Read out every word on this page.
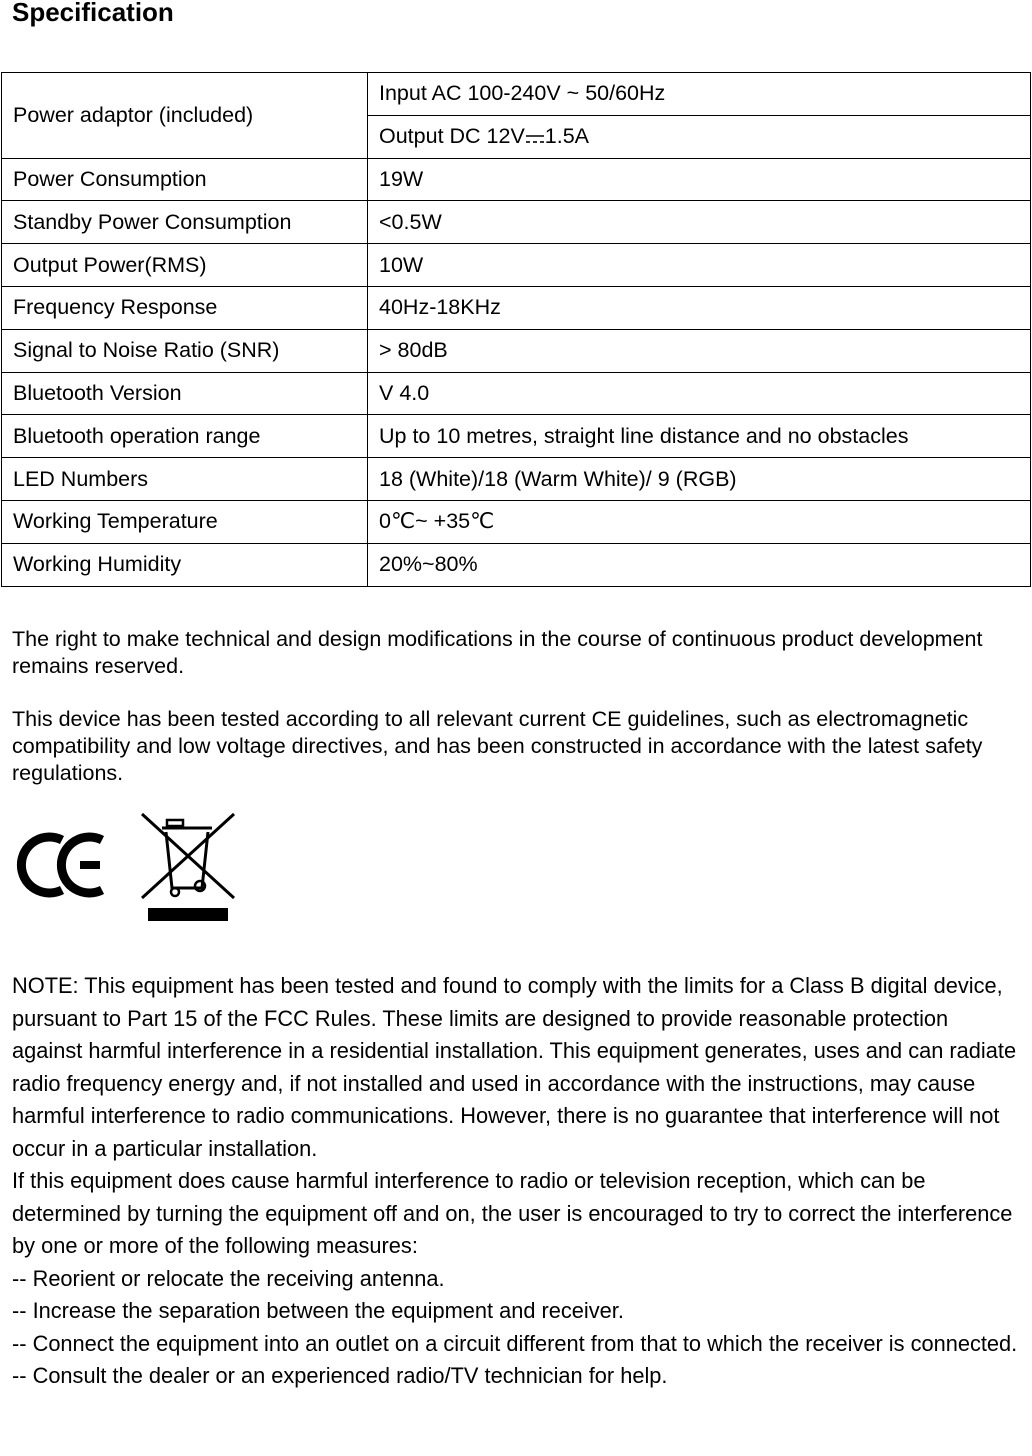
Specification
Power adaptor (included)	Input AC 100-240V ~ 50/60Hz
	Output DC 12V 1.5A
Power Consumption	19W
Standby Power Consumption	<0.5W
Output Power(RMS)	10W
Frequency Response	40Hz-18KHz
Signal to Noise Ratio (SNR)	> 80dB
Bluetooth Version	V 4.0
Bluetooth operation range	Up to 10 metres, straight line distance and no obstacles
LED Numbers	18 (White)/18 (Warm White)/ 9 (RGB)
Working Temperature	0℃~ +35℃
Working Humidity	20%~80%

The right to make technical and design modifications in the course of continuous product development remains reserved.

This device has been tested according to all relevant current CE guidelines, such as electromagnetic compatibility and low voltage directives, and has been constructed in accordance with the latest safety regulations.

NOTE: This equipment has been tested and found to comply with the limits for a Class B digital device, pursuant to Part 15 of the FCC Rules. These limits are designed to provide reasonable protection against harmful interference in a residential installation. This equipment generates, uses and can radiate radio frequency energy and, if not installed and used in accordance with the instructions, may cause harmful interference to radio communications. However, there is no guarantee that interference will not occur in a particular installation.

If this equipment does cause harmful interference to radio or television reception, which can be determined by turning the equipment off and on, the user is encouraged to try to correct the interference by one or more of the following measures:

-- Reorient or relocate the receiving antenna.

-- Increase the separation between the equipment and receiver.

-- Connect the equipment into an outlet on a circuit different from that to which the receiver is connected.

-- Consult the dealer or an experienced radio/TV technician for help.
